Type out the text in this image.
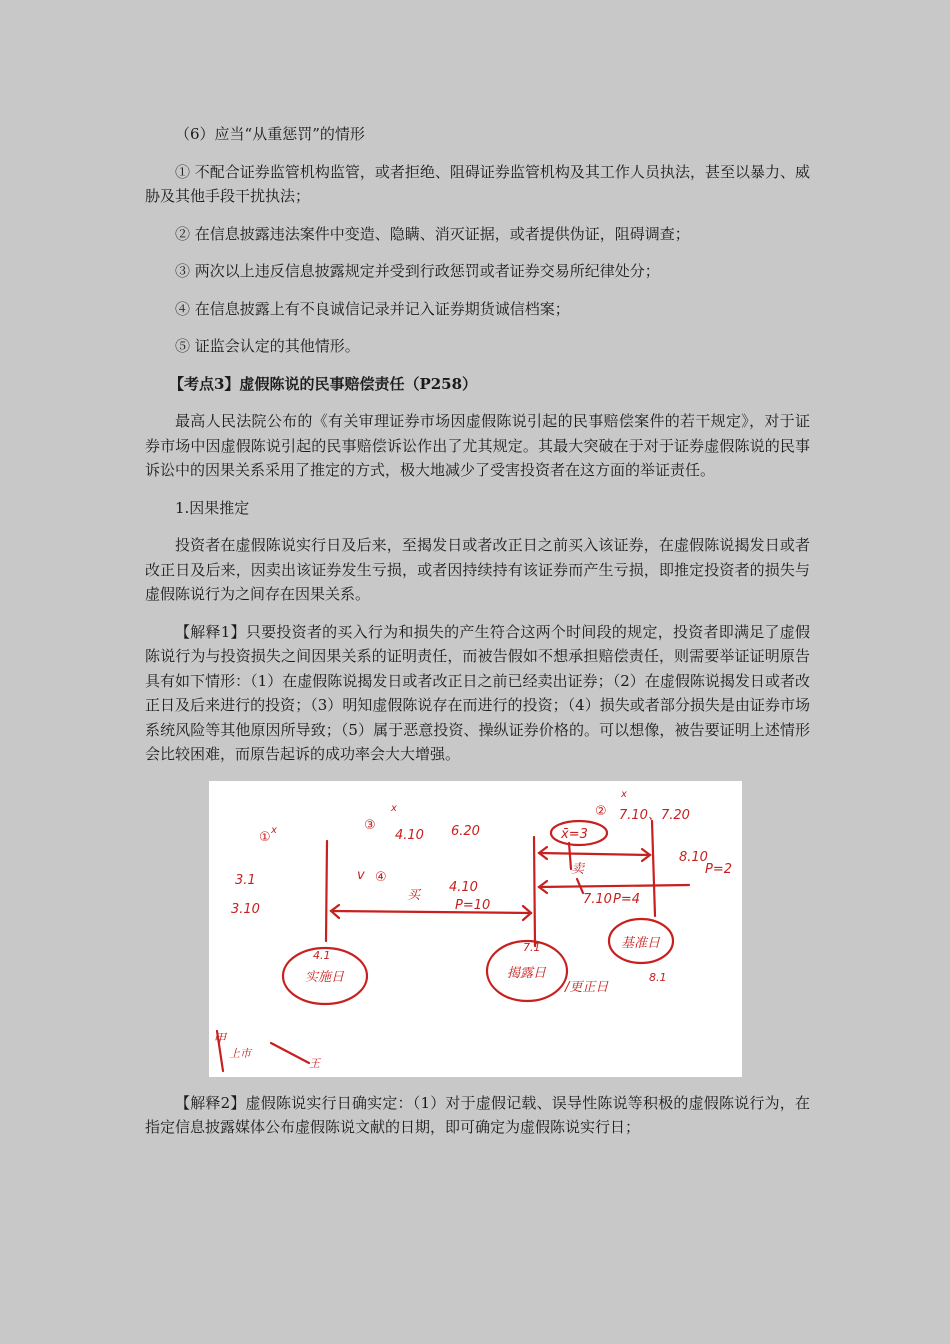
（6）应当“从重惩罚”的情形

① 不配合证券监管机构监管，或者拒绝、阻碍证券监管机构及其工作人员执法，甚至以暴力、威胁及其他手段干扰执法；

② 在信息披露违法案件中变造、隐瞒、消灭证据，或者提供伪证，阻碍调查；

③ 两次以上违反信息披露规定并受到行政惩罚或者证券交易所纪律处分；

④ 在信息披露上有不良诚信记录并记入证券期货诚信档案；

⑤ 证监会认定的其他情形。

【考点3】虚假陈说的民事赔偿责任（P258）

最高人民法院公布的《有关审理证券市场因虚假陈说引起的民事赔偿案件的若干规定》，对于证券市场中因虚假陈说引起的民事赔偿诉讼作出了尤其规定。其最大突破在于对于证券虚假陈说的民事诉讼中的因果关系采用了推定的方式，极大地减少了受害投资者在这方面的举证责任。

1.因果推定

投资者在虚假陈说实行日及后来，至揭发日或者改正日之前买入该证券，在虚假陈说揭发日或者改正日及后来，因卖出该证券发生亏损，或者因持续持有该证券而产生亏损，即推定投资者的损失与虚假陈说行为之间存在因果关系。

【解释1】只要投资者的买入行为和损失的产生符合这两个时间段的规定，投资者即满足了虚假陈说行为与投资损失之间因果关系的证明责任，而被告假如不想承担赔偿责任，则需要举证证明原告具有如下情形：（1）在虚假陈说揭发日或者改正日之前已经卖出证券；（2）在虚假陈说揭发日或者改正日及后来进行的投资；（3）明知虚假陈说存在而进行的投资；（4）损失或者部分损失是由证券市场系统风险等其他原因所导致；（5）属于恶意投资、操纵证券价格的。可以想像，被告要证明上述情形会比较困难，而原告起诉的成功率会大大增强。

① x
3.1
3.10
③
x
4.10 6.20
v ④
买
4.10
P=10
②
x
7.10、7.20
x̄=3
卖
7.10 P=4
8.10
P=2
4.1
实施日
7.1
揭露日
/更正日
基准日
8.1
甲
上市
王

【解释2】虚假陈说实行日确实定：（1）对于虚假记载、误导性陈说等积极的虚假陈说行为，在指定信息披露媒体公布虚假陈说文献的日期，即可确定为虚假陈说实行日；
